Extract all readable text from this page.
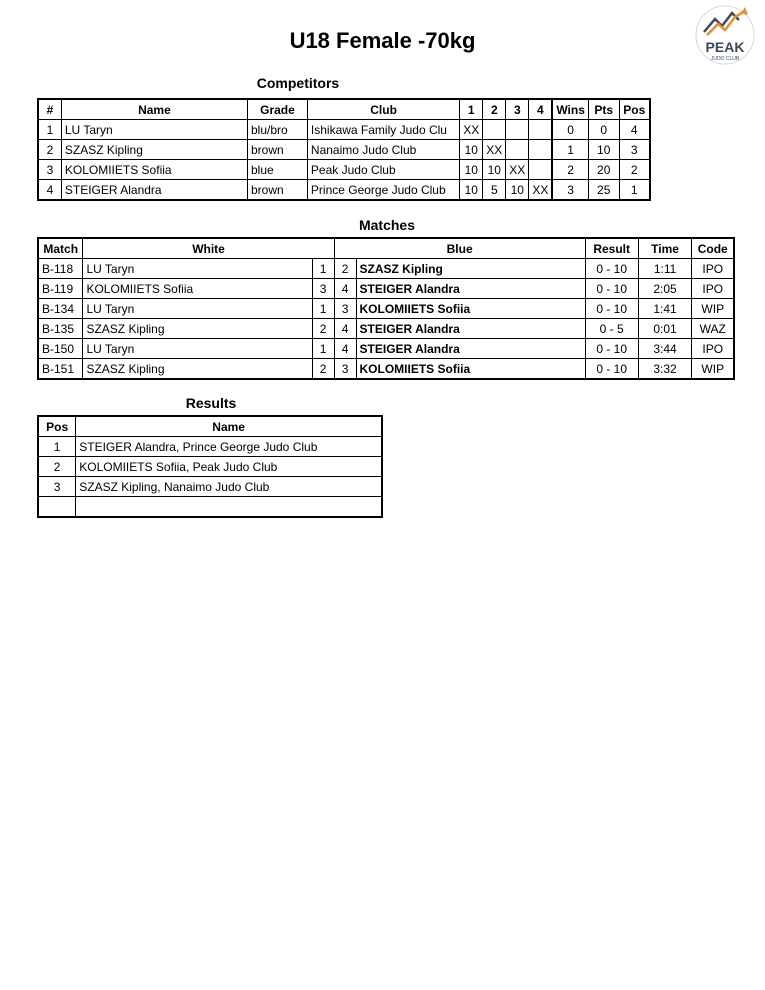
U18 Female -70kg	PEAK
JUDO CLUB
Competitors
#	Name	Grade	Club	1	2	3	4	Wins	Pts	Pos
1	LU Taryn	blu/bro	Ishikawa Family Judo Clu	XX				0	0	4
2	SZASZ Kipling	brown	Nanaimo Judo Club	10	XX			1	10	3
3	KOLOMIIETS Sofiia	blue	Peak Judo Club	10	10	XX		2	20	2
4	STEIGER Alandra	brown	Prince George Judo Club	10	5	10	XX	3	25	1
Matches
Match	White		Blue		Result	Time	Code
B-118	LU Taryn	1	2	SZASZ Kipling	0 - 10	1:11	IPO
B-119	KOLOMIIETS Sofiia	3	4	STEIGER Alandra	0 - 10	2:05	IPO
B-134	LU Taryn	1	3	KOLOMIIETS Sofiia	0 - 10	1:41	WIP
B-135	SZASZ Kipling	2	4	STEIGER Alandra	0 - 5	0:01	WAZ
B-150	LU Taryn	1	4	STEIGER Alandra	0 - 10	3:44	IPO
B-151	SZASZ Kipling	2	3	KOLOMIIETS Sofiia	0 - 10	3:32	WIP
Results
Pos	Name
1	STEIGER Alandra, Prince George Judo Club
2	KOLOMIIETS Sofiia, Peak Judo Club
3	SZASZ Kipling, Nanaimo Judo Club
